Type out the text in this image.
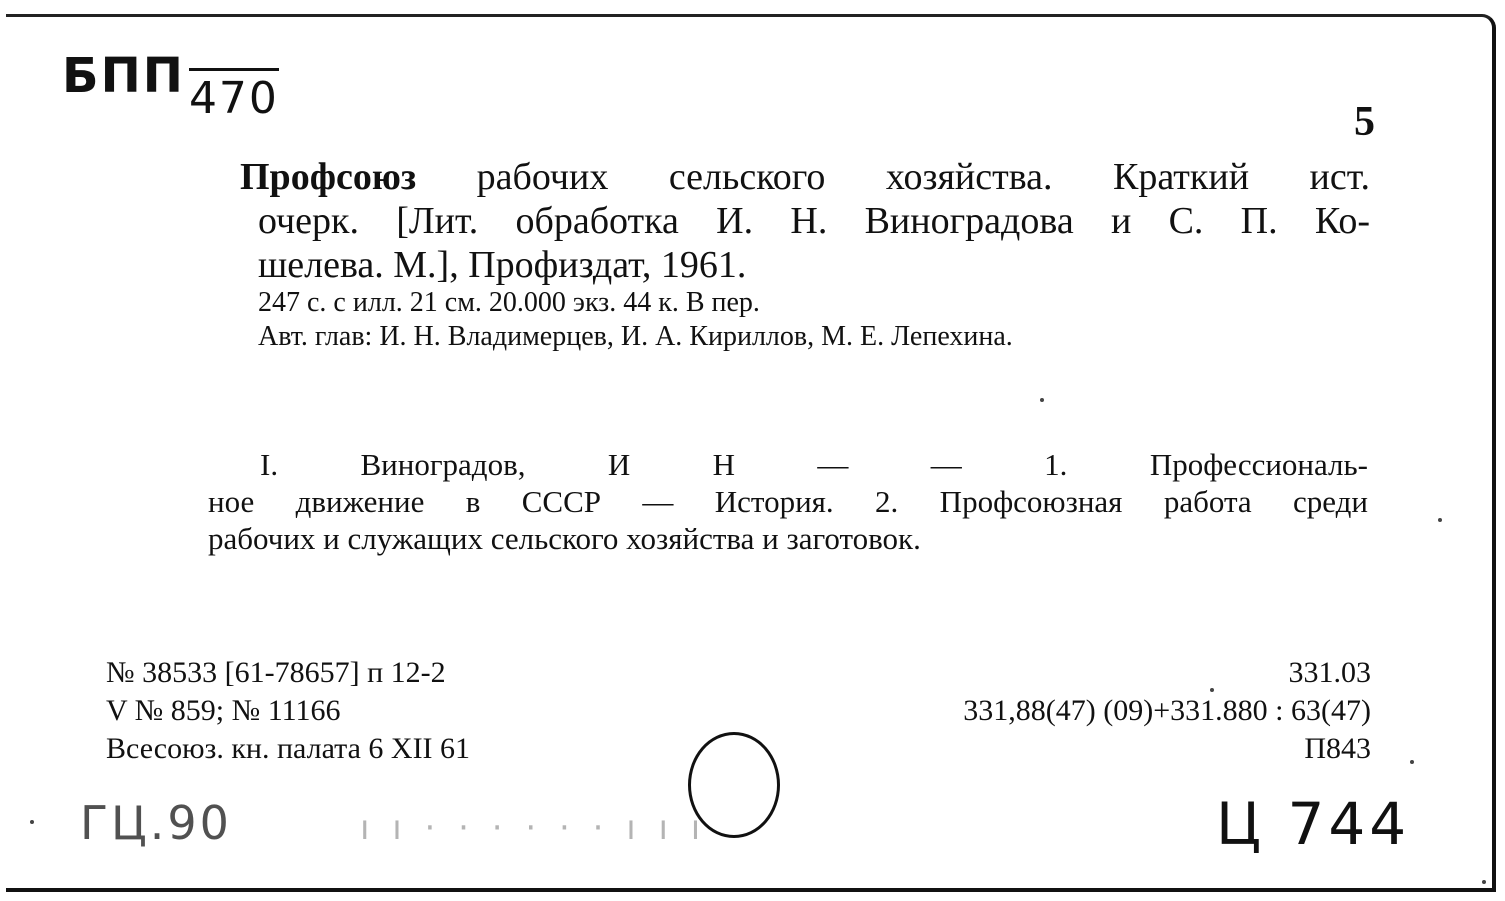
БПП470	5
Профсоюз рабочих сельского хозяйства. Краткий ист.
очерк. [Лит. обработка И. Н. Виноградова и С. П. Ко-
шелева. М.], Профиздат, 1961.
247 с. с илл. 21 см. 20.000 экз. 44 к. В пер.
Авт. глав: И. Н. Владимерцев, И. А. Кириллов, М. Е. Лепехина.
I. Виноградов, И Н — — 1. Профессиональ-
ное движение в СССР — История. 2. Профсоюзная работа среди
рабочих и служащих сельского хозяйства и заготовок.
№ 38533 [61-78657] п 12-2
V № 859; № 11166
Всесоюз. кн. палата 6 XII 61
331.03
331,88(47) (09)+331.880 : 63(47)
П843
ГЦ.90	ı ı · · · · · · ı ı ı	Ц 744
